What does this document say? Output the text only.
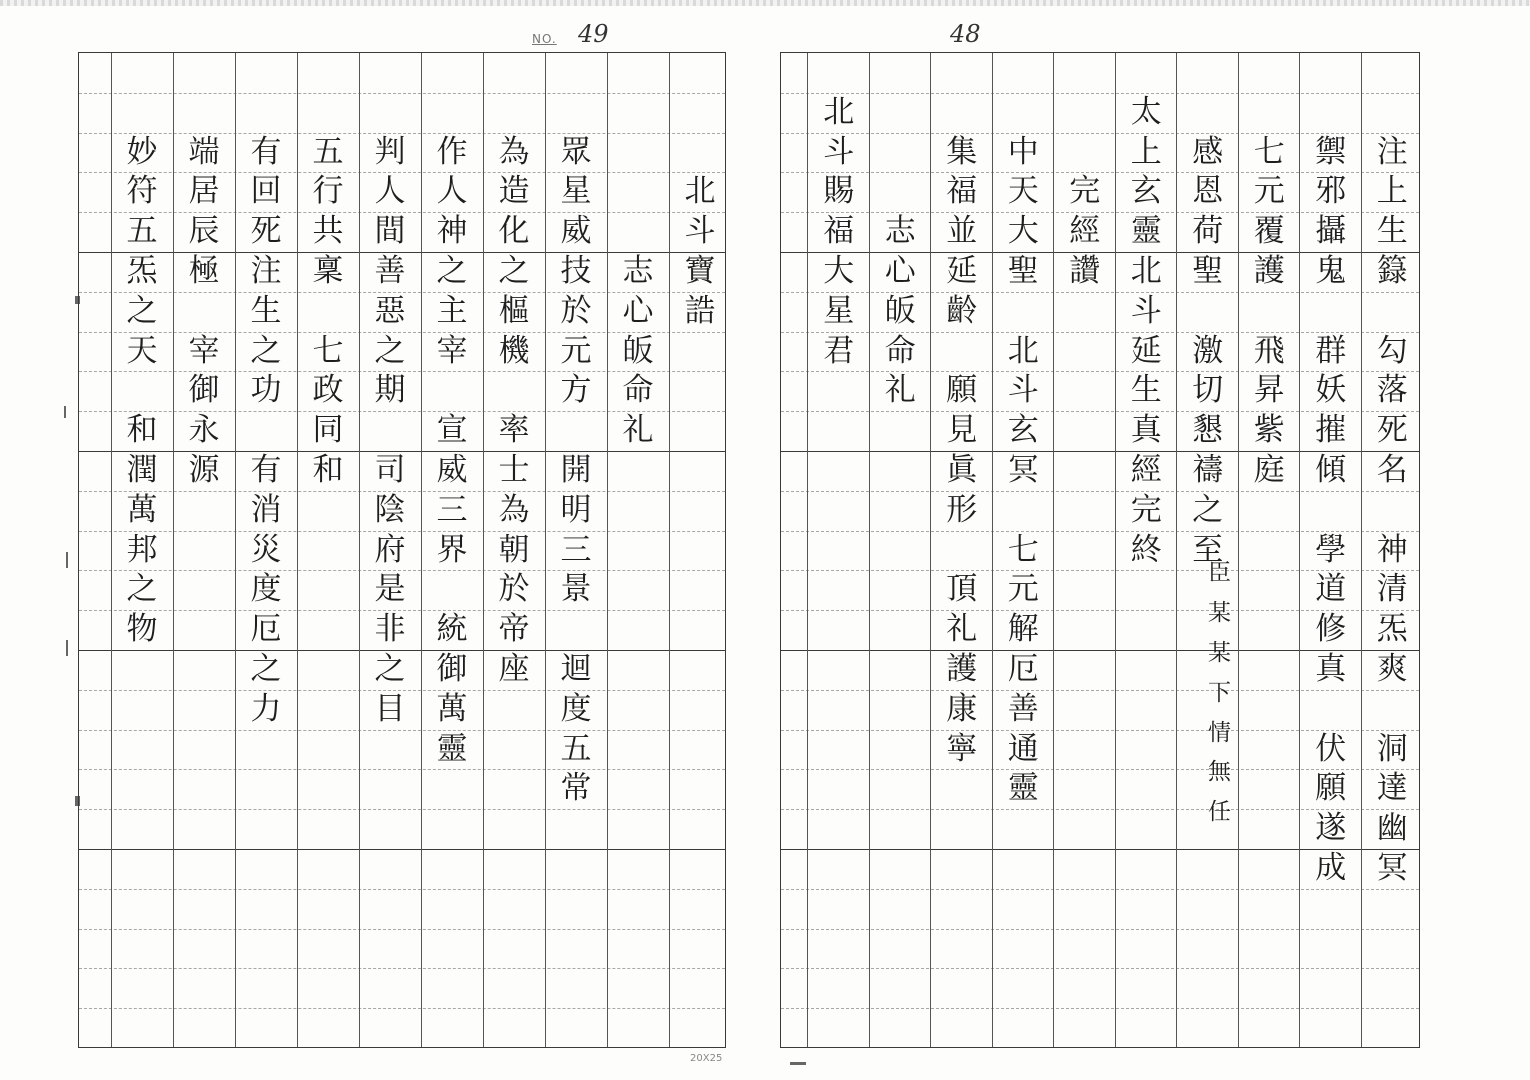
NO. 49	48
20X25
北
斗
寶
誥
志
心
皈
命
礼
眾
星
威
技
於
元
方
開
明
三
景
迴
度
五
常
為
造
化
之
樞
機
率
士
為
朝
於
帝
座
作
人
神
之
主
宰
宣
威
三
界
統
御
萬
靈
判
人
間
善
惡
之
期
司
陰
府
是
非
之
目
五
行
共
稟
七
政
同
和
有
回
死
注
生
之
功
有
消
災
度
厄
之
力
端
居
辰
極
宰
御
永
源
妙
符
五
炁
之
天
和
潤
萬
邦
之
物
注
上
生
籙
勾
落
死
名
神
清
炁
爽
洞
達
幽
冥
禦
邪
攝
鬼
群
妖
摧
傾
學
道
修
真
伏
願
遂
成
七
元
覆
護
飛
昇
紫
庭
感
恩
荷
聖
激
切
懇
禱
之
至
太
上
玄
靈
北
斗
延
生
真
經
完
終
完
經
讚
中
天
大
聖
北
斗
玄
冥
七
元
解
厄
善
通
靈
集
福
並
延
齡
願
見
眞
形
頂
礼
護
康
寧
志
心
皈
命
礼
北
斗
賜
福
大
星
君
臣
某
某
下
情
無
任
